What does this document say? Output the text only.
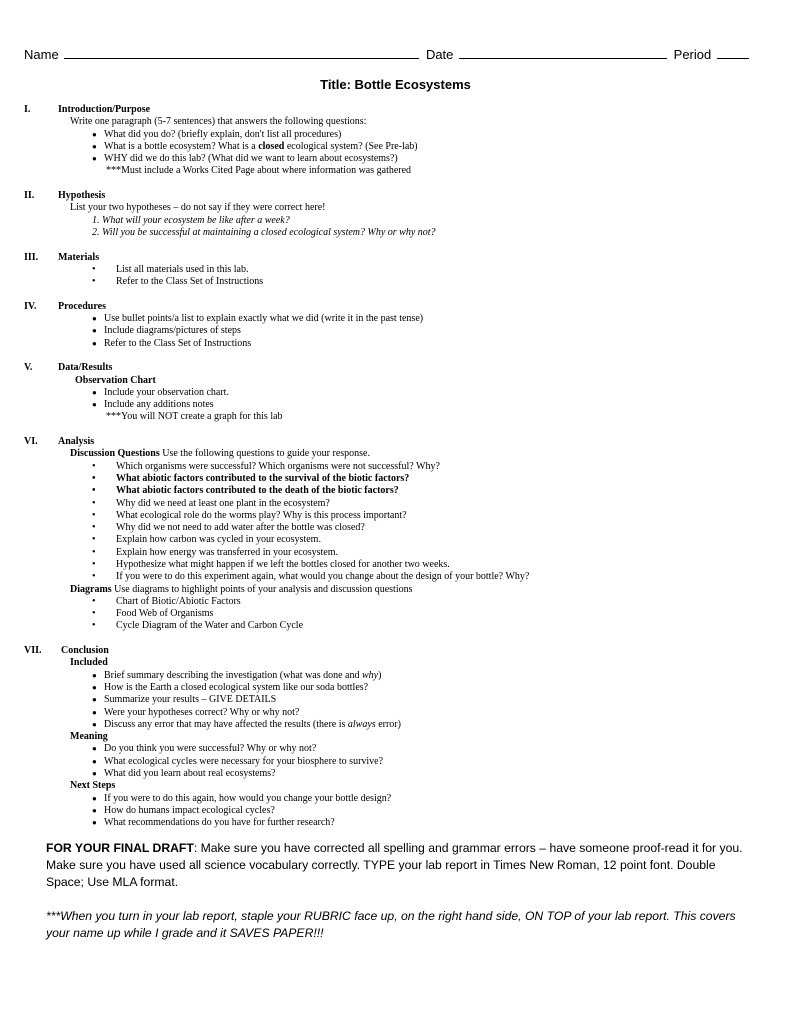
Name	Date	Period
Title: Bottle Ecosystems
I.	Introduction/Purpose
Write one paragraph (5-7 sentences) that answers the following questions:
● What did you do? (briefly explain, don't list all procedures)
● What is a bottle ecosystem? What is a closed ecological system? (See Pre-lab)
● WHY did we do this lab? (What did we want to learn about ecosystems?)
***Must include a Works Cited Page about where information was gathered
II. Hypothesis
List your two hypotheses – do not say if they were correct here!
1. What will your ecosystem be like after a week?
2. Will you be successful at maintaining a closed ecological system? Why or why not?
III. Materials
• List all materials used in this lab.
• Refer to the Class Set of Instructions
IV. Procedures
● Use bullet points/a list to explain exactly what we did (write it in the past tense)
● Include diagrams/pictures of steps
● Refer to the Class Set of Instructions
V.	Data/Results
Observation Chart
● Include your observation chart.
● Include any additions notes
***You will NOT create a graph for this lab
VI. Analysis
Discussion Questions Use the following questions to guide your response.
• Which organisms were successful? Which organisms were not successful? Why?
• What abiotic factors contributed to the survival of the biotic factors?
• What abiotic factors contributed to the death of the biotic factors?
• Why did we need at least one plant in the ecosystem?
• What ecological role do the worms play? Why is this process important?
• Why did we not need to add water after the bottle was closed?
• Explain how carbon was cycled in your ecosystem.
• Explain how energy was transferred in your ecosystem.
• Hypothesize what might happen if we left the bottles closed for another two weeks.
• If you were to do this experiment again, what would you change about the design of your bottle? Why?
Diagrams Use diagrams to highlight points of your analysis and discussion questions
• Chart of Biotic/Abiotic Factors
• Food Web of Organisms
• Cycle Diagram of the Water and Carbon Cycle
VII. Conclusion
Included
● Brief summary describing the investigation (what was done and why)
● How is the Earth a closed ecological system like our soda bottles?
● Summarize your results – GIVE DETAILS
● Were your hypotheses correct? Why or why not?
● Discuss any error that may have affected the results (there is always error)
Meaning
● Do you think you were successful? Why or why not?
● What ecological cycles were necessary for your biosphere to survive?
● What did you learn about real ecosystems?
Next Steps
● If you were to do this again, how would you change your bottle design?
● How do humans impact ecological cycles?
● What recommendations do you have for further research?

FOR YOUR FINAL DRAFT: Make sure you have corrected all spelling and grammar errors – have someone proof-read it for you. Make sure you have used all science vocabulary correctly. TYPE your lab report in Times New Roman, 12 point font. Double Space; Use MLA format.

***When you turn in your lab report, staple your RUBRIC face up, on the right hand side, ON TOP of your lab report. This covers your name up while I grade and it SAVES PAPER!!!
